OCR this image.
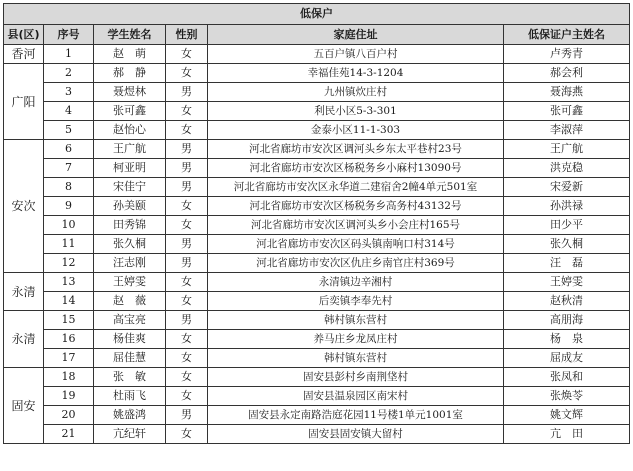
低保户					
县(区)	序号	学生姓名	性别	家庭住址	低保证户主姓名
香河	1	赵　萌	女	五百户镇八百户村	卢秀青
广阳	2	郝　静	女	幸福佳苑14-3-1204	郝会利
	3	聂煜林	男	九州镇炊庄村	聂海燕
	4	张可鑫	女	利民小区5-3-301	张可鑫
	5	赵怡心	女	金泰小区11-1-303	李淑萍
安次	6	王广航	男	河北省廊坊市安次区调河头乡东太平巷村23号	王广航
	7	柯亚明	男	河北省廊坊市安次区杨税务乡小麻村13090号	洪克稳
	8	宋佳宁	男	河北省廊坊市安次区永华道二建宿舍2幢4单元501室	宋爱新
	9	孙美颐	女	河北省廊坊市安次区杨税务乡高务村43132号	孙洪禄
	10	田秀锦	女	河北省廊坊市安次区调河头乡小会庄村165号	田少平
	11	张久桐	男	河北省廊坊市安次区码头镇南响口村314号	张久桐
	12	汪志刚	男	河北省廊坊市安次区仇庄乡南官庄村369号	汪　磊
永清	13	王婷雯	女	永清镇边辛湘村	王婷雯
	14	赵　薇	女	后奕镇李奉先村	赵秋清
永清	15	高宝亮	男	韩村镇东营村	高朋海
	16	杨佳爽	女	养马庄乡龙凤庄村	杨　泉
	17	屈佳慧	女	韩村镇东营村	屈成友
固安	18	张　敏	女	固安县彭村乡南荆垡村	张凤和
	19	杜雨飞	女	固安县温泉园区南宋村	张焕苓
	20	姚盛鸿	男	固安县永定南路浩庭花园11号楼1单元1001室	姚文辉
	21	亢纪轩	女	固安县固安镇大留村	亢　田
